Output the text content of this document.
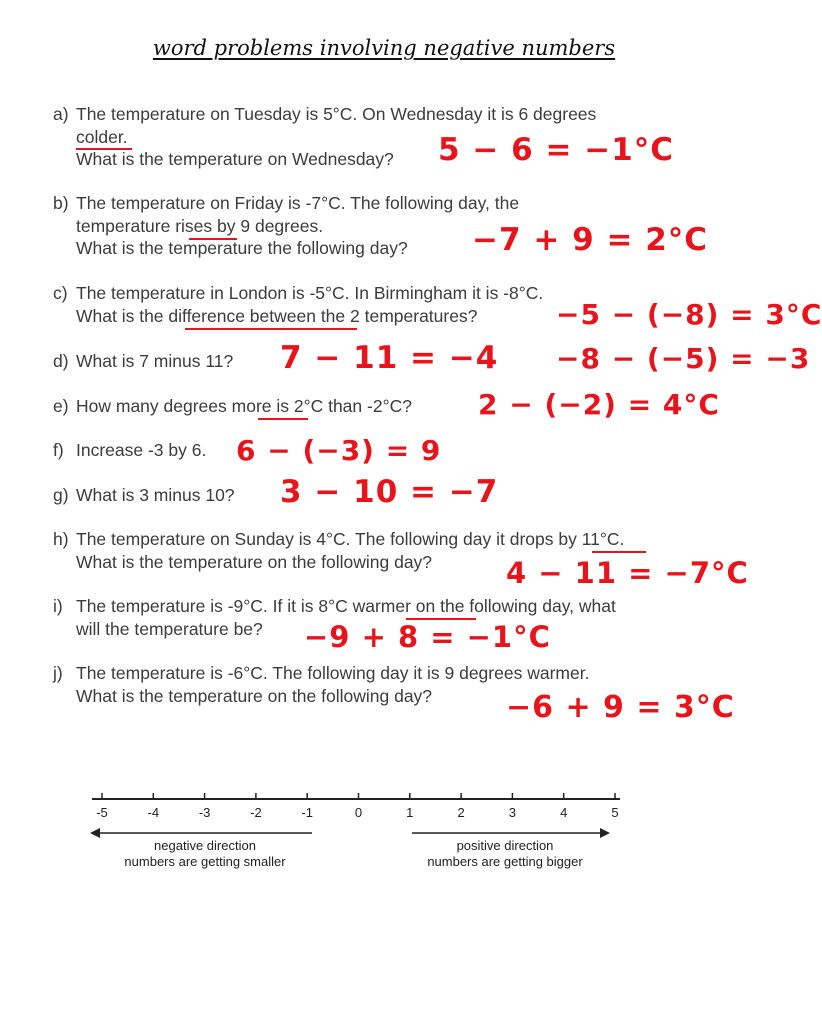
word problems involving negative numbers
a) The temperature on Tuesday is 5°C. On Wednesday it is 6 degrees
colder.
What is the temperature on Wednesday?	5 − 6 = −1°C
b) The temperature on Friday is -7°C. The following day, the
temperature rises by 9 degrees.
What is the temperature the following day?	−7 + 9 = 2°C
c) The temperature in London is -5°C. In Birmingham it is -8°C.
What is the difference between the 2 temperatures?	−5 − (−8) = 3°C
−8 − (−5) = −3
d) What is 7 minus 11? 7 − 11 = −4
e) How many degrees more is 2°C than -2°C? 2 − (−2) = 4°C
f) Increase -3 by 6. 6 − (−3) = 9
g) What is 3 minus 10? 3 − 10 = −7
h) The temperature on Sunday is 4°C. The following day it drops by 11°C.
What is the temperature on the following day?	4 − 11 = −7°C
i) The temperature is -9°C. If it is 8°C warmer on the following day, what
will the temperature be?	−9 + 8 = −1°C
j) The temperature is -6°C. The following day it is 9 degrees warmer.
What is the temperature on the following day?	−6 + 9 = 3°C
-5	-4	-3	-2	-1	0	1	2	3	4	5
negative direction
numbers are getting smaller
positive direction
numbers are getting bigger
